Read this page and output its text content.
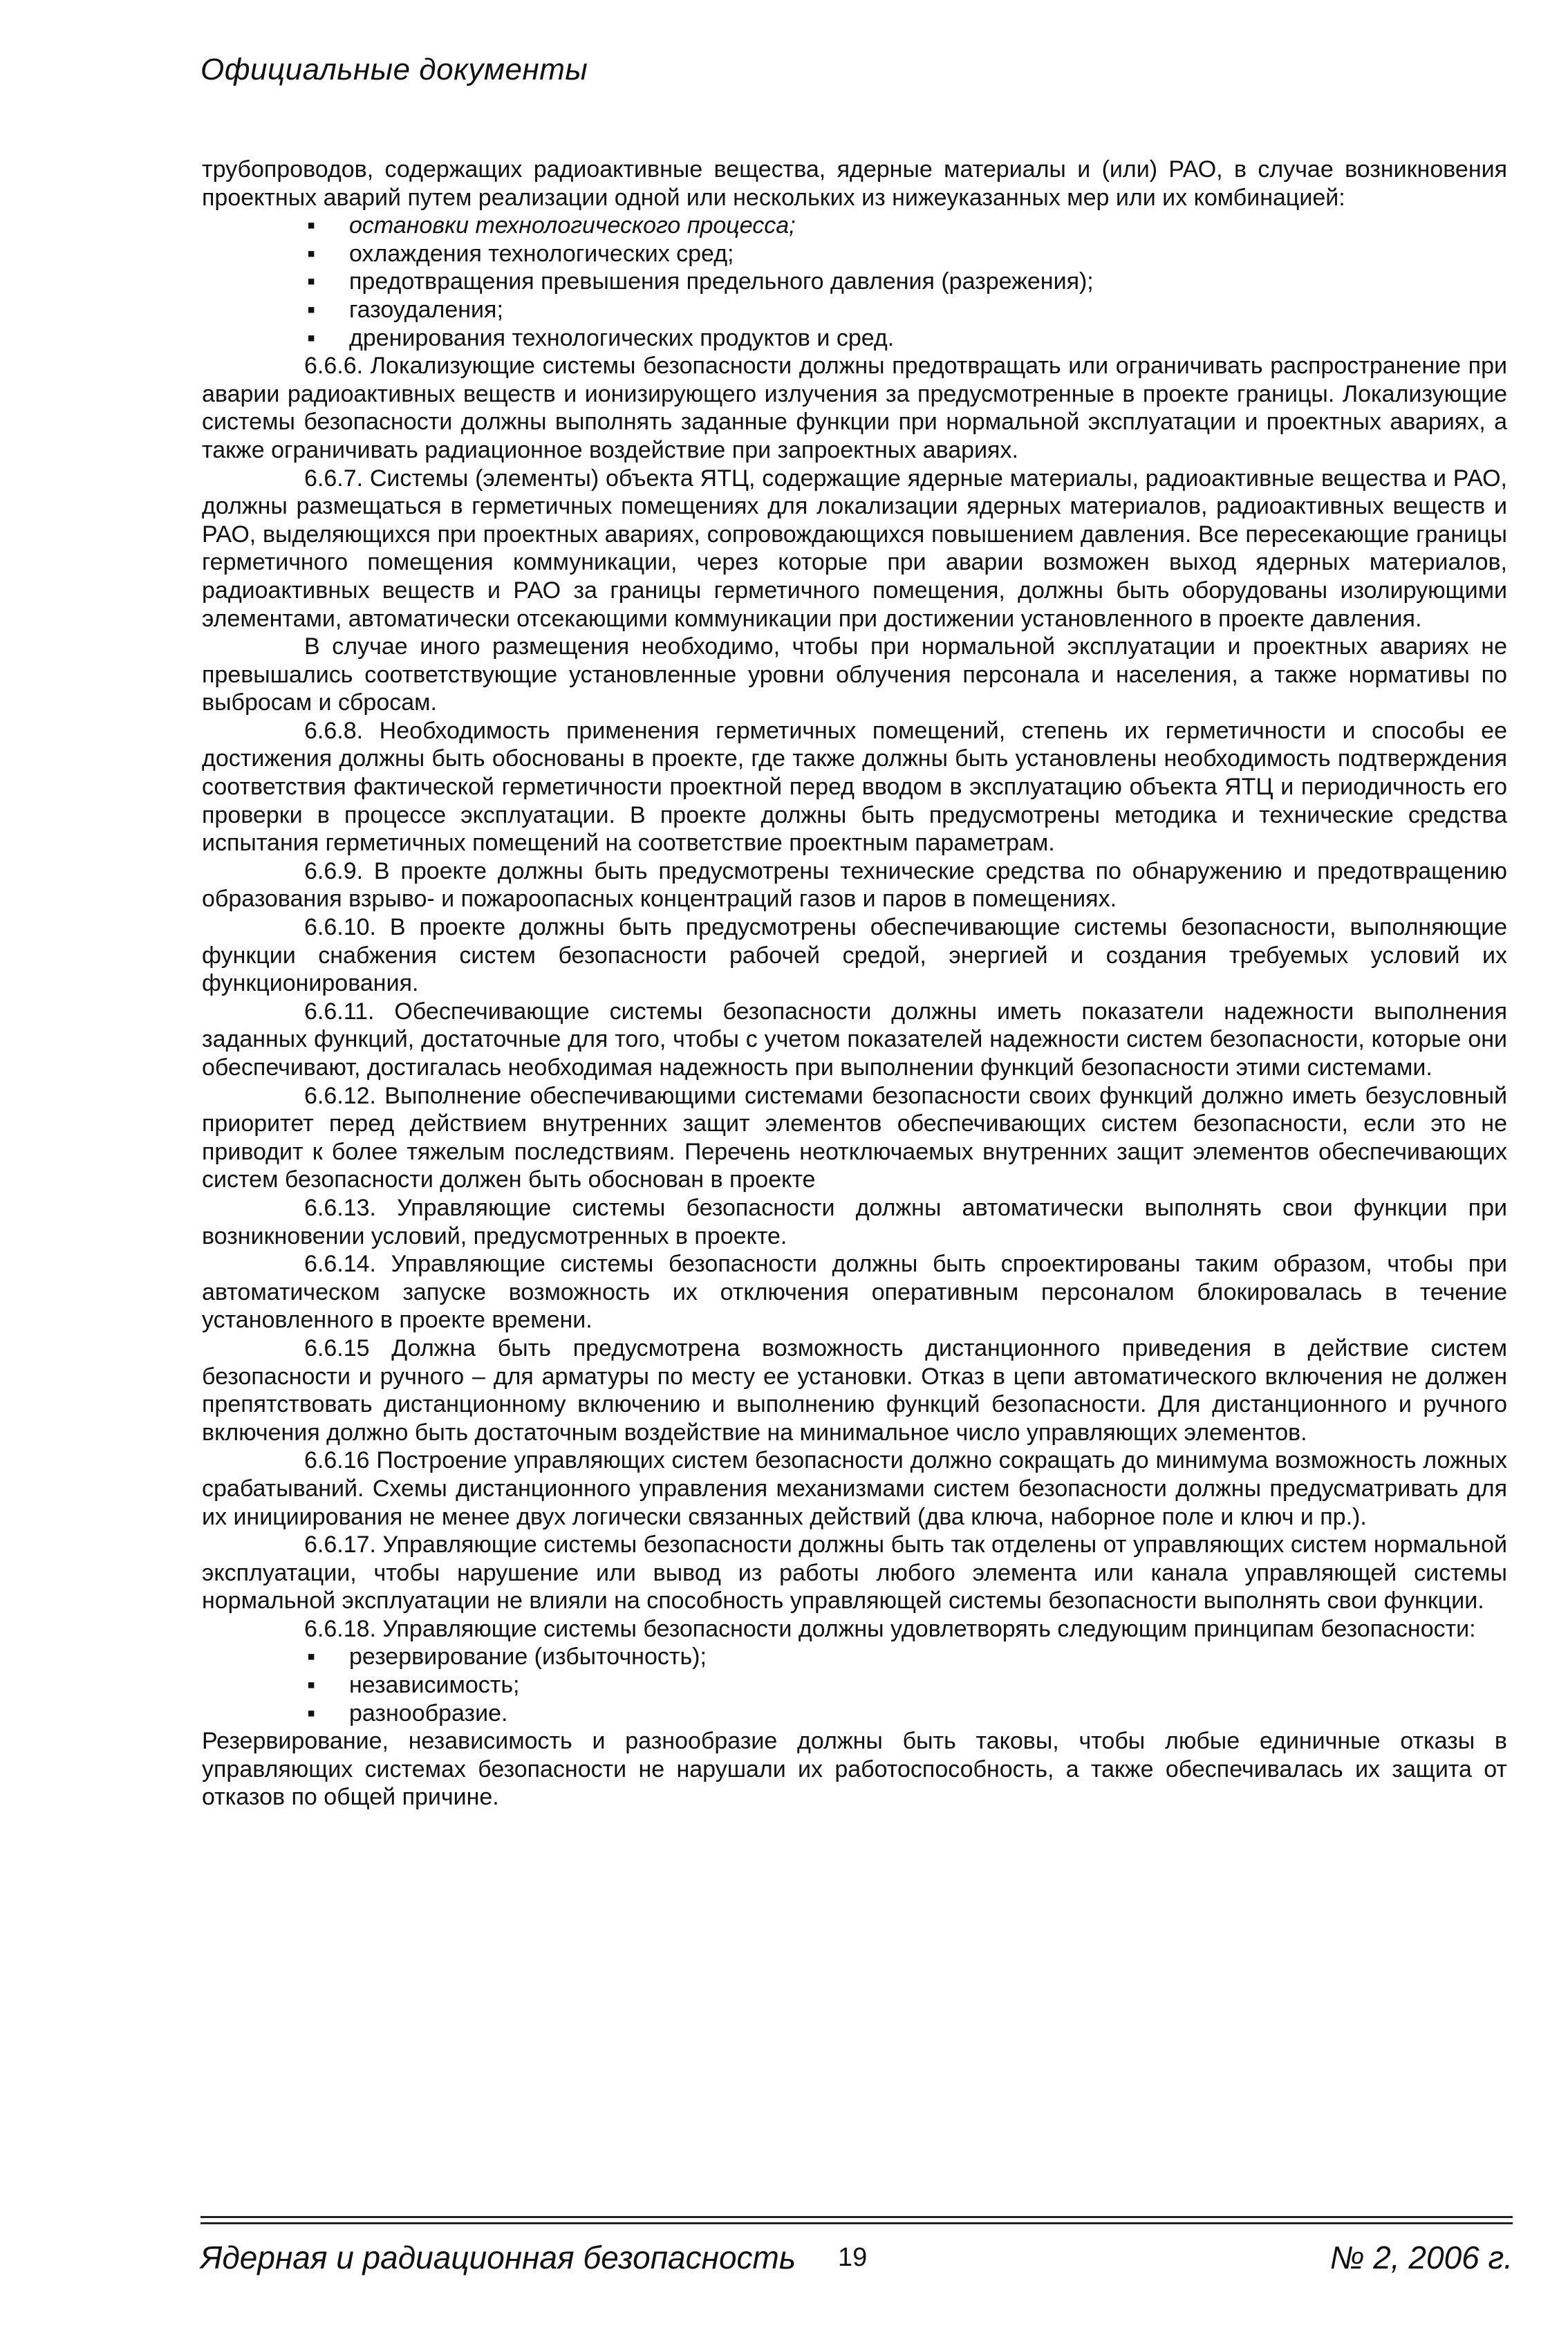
Официальные документы

трубопроводов, содержащих радиоактивные вещества, ядерные материалы и (или) РАО, в случае возникновения проектных аварий путем реализации одной или нескольких из нижеуказанных мер или их комбинацией:

▪ остановки технологического процесса;
▪ охлаждения технологических сред;
▪ предотвращения превышения предельного давления (разрежения);
▪ газоудаления;
▪ дренирования технологических продуктов и сред.

6.6.6. Локализующие системы безопасности должны предотвращать или ограничивать распространение при аварии радиоактивных веществ и ионизирующего излучения за предусмотренные в проекте границы. Локализующие системы безопасности должны выполнять заданные функции при нормальной эксплуатации и проектных авариях, а также ограничивать радиационное воздействие при запроектных авариях.

6.6.7. Системы (элементы) объекта ЯТЦ, содержащие ядерные материалы, радиоактивные вещества и РАО, должны размещаться в герметичных помещениях для локализации ядерных материалов, радиоактивных веществ и РАО, выделяющихся при проектных авариях, сопровождающихся повышением давления. Все пересекающие границы герметичного помещения коммуникации, через которые при аварии возможен выход ядерных материалов, радиоактивных веществ и РАО за границы герметичного помещения, должны быть оборудованы изолирующими элементами, автоматически отсекающими коммуникации при достижении установленного в проекте давления.

В случае иного размещения необходимо, чтобы при нормальной эксплуатации и проектных авариях не превышались соответствующие установленные уровни облучения персонала и населения, а также нормативы по выбросам и сбросам.

6.6.8. Необходимость применения герметичных помещений, степень их герметичности и способы ее достижения должны быть обоснованы в проекте, где также должны быть установлены необходимость подтверждения соответствия фактической герметичности проектной перед вводом в эксплуатацию объекта ЯТЦ и периодичность его проверки в процессе эксплуатации. В проекте должны быть предусмотрены методика и технические средства испытания герметичных помещений на соответствие проектным параметрам.

6.6.9. В проекте должны быть предусмотрены технические средства по обнаружению и предотвращению образования взрыво- и пожароопасных концентраций газов и паров в помещениях.

6.6.10. В проекте должны быть предусмотрены обеспечивающие системы безопасности, выполняющие функции снабжения систем безопасности рабочей средой, энергией и создания требуемых условий их функционирования.

6.6.11. Обеспечивающие системы безопасности должны иметь показатели надежности выполнения заданных функций, достаточные для того, чтобы с учетом показателей надежности систем безопасности, которые они обеспечивают, достигалась необходимая надежность при выполнении функций безопасности этими системами.

6.6.12. Выполнение обеспечивающими системами безопасности своих функций должно иметь безусловный приоритет перед действием внутренних защит элементов обеспечивающих систем безопасности, если это не приводит к более тяжелым последствиям. Перечень неотключаемых внутренних защит элементов обеспечивающих систем безопасности должен быть обоснован в проекте

6.6.13. Управляющие системы безопасности должны автоматически выполнять свои функции при возникновении условий, предусмотренных в проекте.

6.6.14. Управляющие системы безопасности должны быть спроектированы таким образом, чтобы при автоматическом запуске возможность их отключения оперативным персоналом блокировалась в течение установленного в проекте времени.

6.6.15 Должна быть предусмотрена возможность дистанционного приведения в действие систем безопасности и ручного – для арматуры по месту ее установки. Отказ в цепи автоматического включения не должен препятствовать дистанционному включению и выполнению функций безопасности. Для дистанционного и ручного включения должно быть достаточным воздействие на минимальное число управляющих элементов.

6.6.16 Построение управляющих систем безопасности должно сокращать до минимума возможность ложных срабатываний. Схемы дистанционного управления механизмами систем безопасности должны предусматривать для их инициирования не менее двух логически связанных действий (два ключа, наборное поле и ключ и пр.).

6.6.17. Управляющие системы безопасности должны быть так отделены от управляющих систем нормальной эксплуатации, чтобы нарушение или вывод из работы любого элемента или канала управляющей системы нормальной эксплуатации не влияли на способность управляющей системы безопасности выполнять свои функции.

6.6.18. Управляющие системы безопасности должны удовлетворять следующим принципам безопасности:

▪ резервирование (избыточность);
▪ независимость;
▪ разнообразие.

Резервирование, независимость и разнообразие должны быть таковы, чтобы любые единичные отказы в управляющих системах безопасности не нарушали их работоспособность, а также обеспечивалась их защита от отказов по общей причине.

Ядерная и радиационная безопасность 19	№ 2, 2006 г.
